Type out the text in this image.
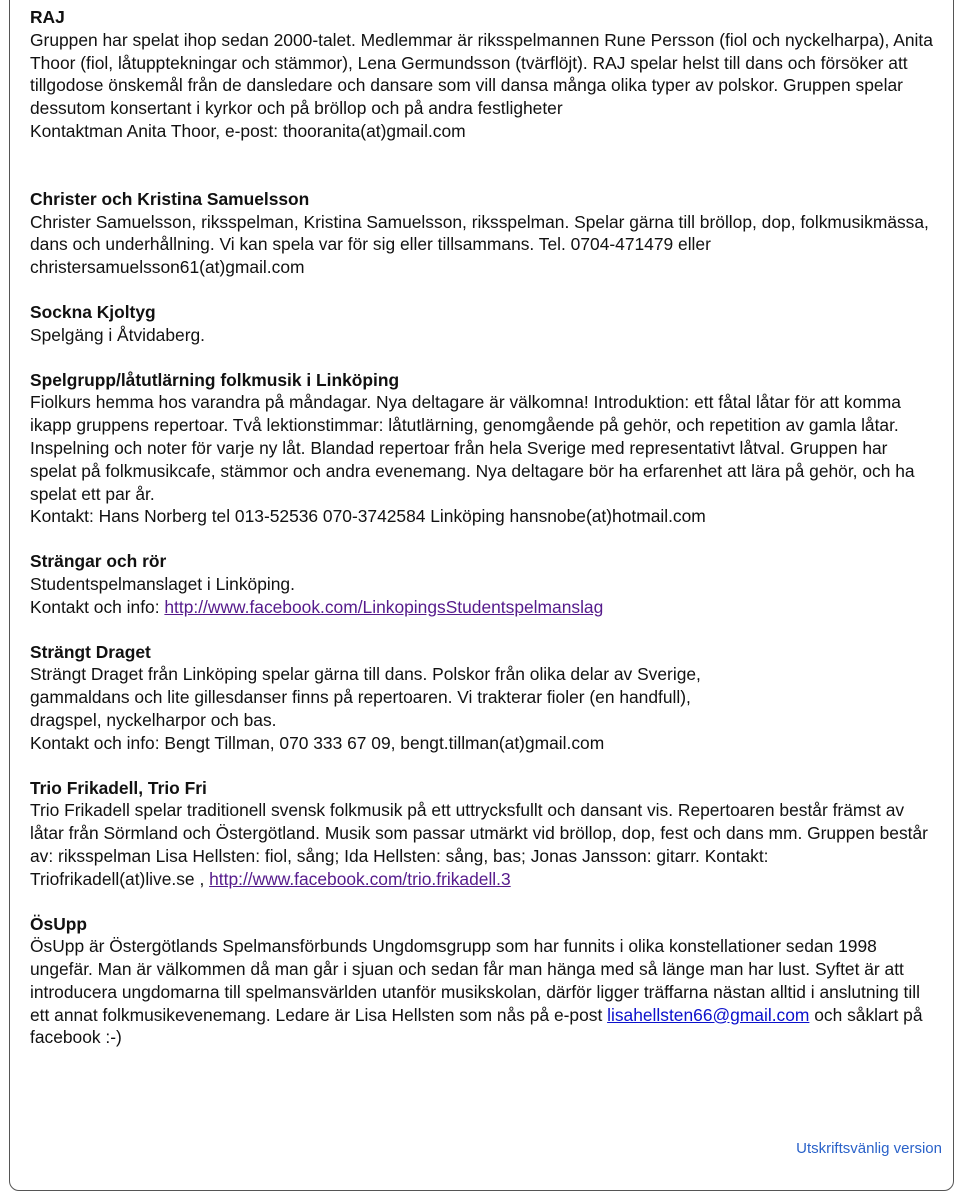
RAJ

Gruppen har spelat ihop sedan 2000-talet. Medlemmar är riksspelmannen Rune Persson (fiol och nyckelharpa), Anita Thoor (fiol, låtupptekningar och stämmor), Lena Germundsson (tvärflöjt). RAJ spelar helst till dans och försöker att tillgodose önskemål från de dansledare och dansare som vill dansa många olika typer av polskor. Gruppen spelar dessutom konsertant i kyrkor och på bröllop och på andra festligheter

Kontaktman Anita Thoor, e-post: thooranita(at)gmail.com

Christer och Kristina Samuelsson

Christer Samuelsson, riksspelman, Kristina Samuelsson, riksspelman. Spelar gärna till bröllop, dop, folkmusikmässa, dans och underhållning. Vi kan spela var för sig eller tillsammans. Tel. 0704-471479 eller christersamuelsson61(at)gmail.com

Sockna Kjoltyg

Spelgäng i Åtvidaberg.

Spelgrupp/låtutlärning folkmusik i Linköping

Fiolkurs hemma hos varandra på måndagar. Nya deltagare är välkomna! Introduktion: ett fåtal låtar för att komma ikapp gruppens repertoar. Två lektionstimmar: låtutlärning, genomgående på gehör, och repetition av gamla låtar. Inspelning och noter för varje ny låt. Blandad repertoar från hela Sverige med representativt låtval. Gruppen har spelat på folkmusikcafe, stämmor och andra evenemang. Nya deltagare bör ha erfarenhet att lära på gehör, och ha spelat ett par år.

Kontakt: Hans Norberg tel 013-52536 070-3742584 Linköping hansnobe(at)hotmail.com

Strängar och rör

Studentspelmanslaget i Linköping.

Kontakt och info: http://www.facebook.com/LinkopingsStudentspelmanslag

Strängt Draget

Strängt Draget från Linköping spelar gärna till dans. Polskor från olika delar av Sverige,

gammaldans och lite gillesdanser finns på repertoaren. Vi trakterar fioler (en handfull),

dragspel, nyckelharpor och bas.

Kontakt och info: Bengt Tillman, 070 333 67 09, bengt.tillman(at)gmail.com

Trio Frikadell, Trio Fri

Trio Frikadell spelar traditionell svensk folkmusik på ett uttrycksfullt och dansant vis. Repertoaren består främst av låtar från Sörmland och Östergötland. Musik som passar utmärkt vid bröllop, dop, fest och dans mm. Gruppen består av: riksspelman Lisa Hellsten: fiol, sång; Ida Hellsten: sång, bas; Jonas Jansson: gitarr. Kontakt: Triofrikadell(at)live.se , http://www.facebook.com/trio.frikadell.3

ÖsUpp

ÖsUpp är Östergötlands Spelmansförbunds Ungdomsgrupp som har funnits i olika konstellationer sedan 1998 ungefär. Man är välkommen då man går i sjuan och sedan får man hänga med så länge man har lust. Syftet är att introducera ungdomarna till spelmansvärlden utanför musikskolan, därför ligger träffarna nästan alltid i anslutning till ett annat folkmusikevenemang. Ledare är Lisa Hellsten som nås på e-post lisahellsten66@gmail.com och såklart på facebook :-)

Utskriftsvänlig version
